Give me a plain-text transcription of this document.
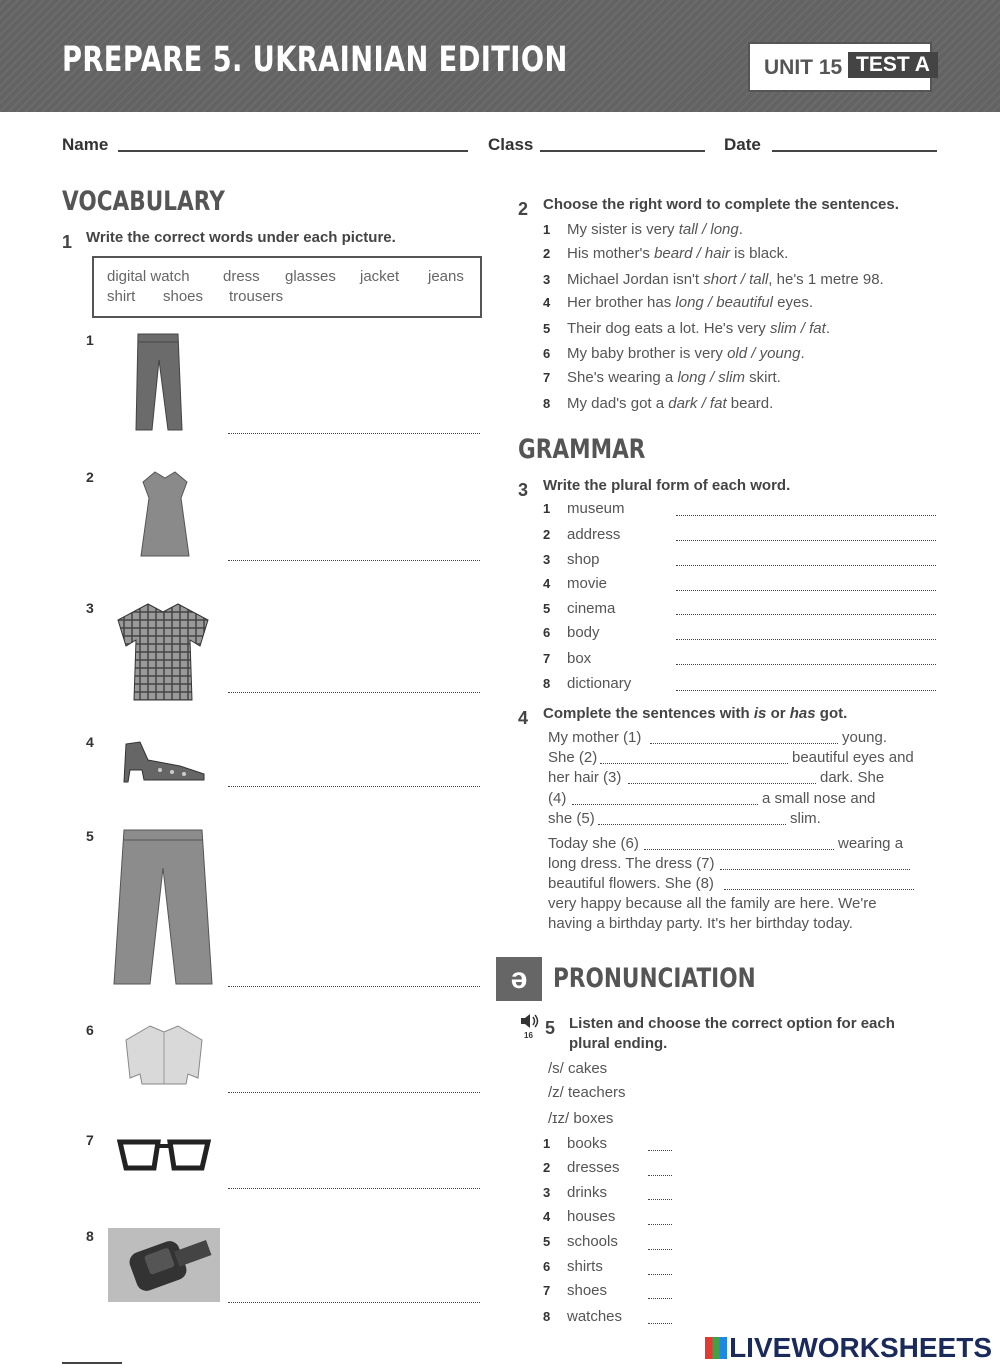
PREPARE 5. UKRAINIAN EDITION	UNIT 15 TEST A
Name	Class	Date
VOCABULARY
1 Write the correct words under each picture.
digital watch dress glasses jacket jeans
shirt shoes trousers
1
2
3
4
5
6
7
8
2 Choose the right word to complete the sentences.
1 My sister is very tall / long.
2 His mother's beard / hair is black.
3 Michael Jordan isn't short / tall, he's 1 metre 98.
4 Her brother has long / beautiful eyes.
5 Their dog eats a lot. He's very slim / fat.
6 My baby brother is very old / young.
7 She's wearing a long / slim skirt.
8 My dad's got a dark / fat beard.
GRAMMAR
3 Write the plural form of each word.
1 museum
2 address
3 shop
4 movie
5 cinema
6 body
7 box
8 dictionary
4 Complete the sentences with is or has got.
My mother (1)	young.
She (2)	beautiful eyes and
her hair (3)	dark. She
(4)	a small nose and
she (5)	slim.
Today she (6)	wearing a
long dress. The dress (7)
beautiful flowers. She (8)
very happy because all the family are here. We're
having a birthday party. It's her birthday today.
ə PRONUNCIATION
16 5 Listen and choose the correct option for each
plural ending.
/s/ cakes
/z/ teachers
/ɪz/ boxes
1 books
2 dresses
3 drinks
4 houses
5 schools
6 shirts
7 shoes
8 watches
LIVEWORKSHEETS
